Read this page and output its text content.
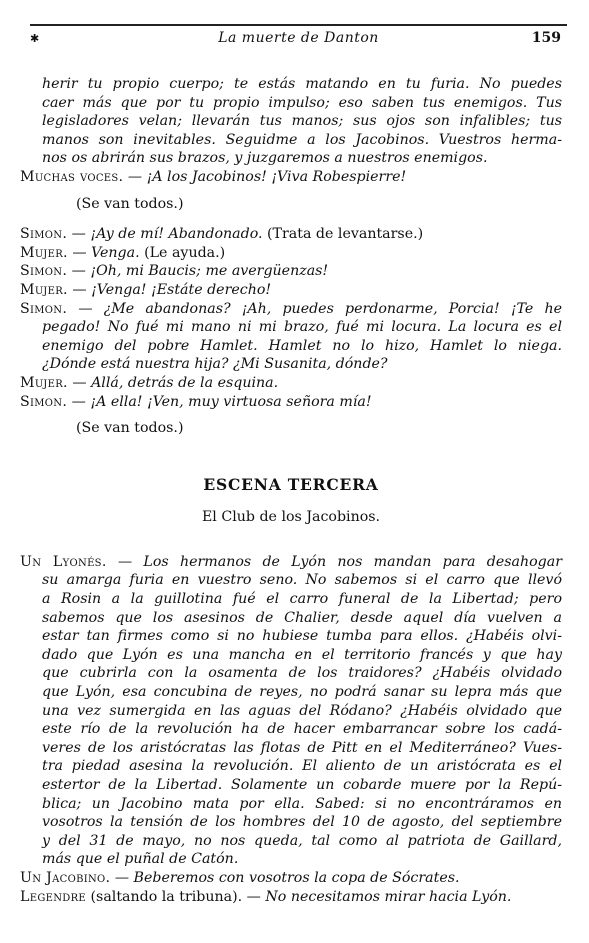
✱	La muerte de Danton	159
herir tu propio cuerpo; te estás matando en tu furia. No puedes
caer más que por tu propio impulso; eso saben tus enemigos. Tus
legisladores velan; llevarán tus manos; sus ojos son infalibles; tus
manos son inevitables. Seguidme a los Jacobinos. Vuestros herma-
nos os abrirán sus brazos, y juzgaremos a nuestros enemigos.

Muchas voces. — ¡A los Jacobinos! ¡Viva Robespierre!

(Se van todos.)

Simon. — ¡Ay de mí! Abandonado. (Trata de levantarse.)

Mujer. — Venga. (Le ayuda.)

Simon. — ¡Oh, mi Baucis; me avergüenzas!

Mujer. — ¡Venga! ¡Estáte derecho!

Simon. — ¿Me abandonas? ¡Ah, puedes perdonarme, Porcia! ¡Te he
pegado! No fué mi mano ni mi brazo, fué mi locura. La locura es el
enemigo del pobre Hamlet. Hamlet no lo hizo, Hamlet lo niega.
¿Dónde está nuestra hija? ¿Mi Susanita, dónde?

Mujer. — Allá, detrás de la esquina.

Simon. — ¡A ella! ¡Ven, muy virtuosa señora mía!

(Se van todos.)

ESCENA TERCERA
El Club de los Jacobinos.
Un Lyonés. — Los hermanos de Lyón nos mandan para desahogar
su amarga furia en vuestro seno. No sabemos si el carro que llevó
a Rosin a la guillotina fué el carro funeral de la Libertad; pero
sabemos que los asesinos de Chalier, desde aquel día vuelven a
estar tan firmes como si no hubiese tumba para ellos. ¿Habéis olvi-
dado que Lyón es una mancha en el territorio francés y que hay
que cubrirla con la osamenta de los traidores? ¿Habéis olvidado
que Lyón, esa concubina de reyes, no podrá sanar su lepra más que
una vez sumergida en las aguas del Ródano? ¿Habéis olvidado que
este río de la revolución ha de hacer embarrancar sobre los cadá-
veres de los aristócratas las flotas de Pitt en el Mediterráneo? Vues-
tra piedad asesina la revolución. El aliento de un aristócrata es el
estertor de la Libertad. Solamente un cobarde muere por la Repú-
blica; un Jacobino mata por ella. Sabed: si no encontráramos en
vosotros la tensión de los hombres del 10 de agosto, del septiembre
y del 31 de mayo, no nos queda, tal como al patriota de Gaillard,
más que el puñal de Catón.

Un Jacobino. — Beberemos con vosotros la copa de Sócrates.

Legendre (saltando la tribuna). — No necesitamos mirar hacia Lyón.
